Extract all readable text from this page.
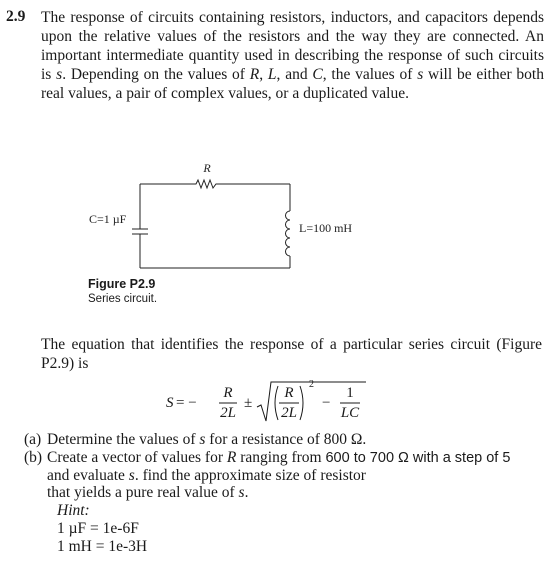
2.9 The response of circuits containing resistors, inductors, and capacitors depends upon the relative values of the resistors and the way they are connected. An important intermediate quantity used in describing the response of such circuits is s. Depending on the values of R, L, and C, the values of s will be either both real values, a pair of complex values, or a duplicated value.

R
C=1 µF
L=100 mH
Figure P2.9
Series circuit.

The equation that identifies the response of a particular series circuit (Figure P2.9) is

S = −
R
2L
±
R
2L
2
−
1
LC
(a) Determine the values of s for a resistance of 800 Ω.
(b) Create a vector of values for R ranging from 600 to 700 Ω with a step of 5
and evaluate s. find the approximate size of resistor
that yields a pure real value of s.
Hint:
1 µF = 1e-6F
1 mH = 1e-3H
